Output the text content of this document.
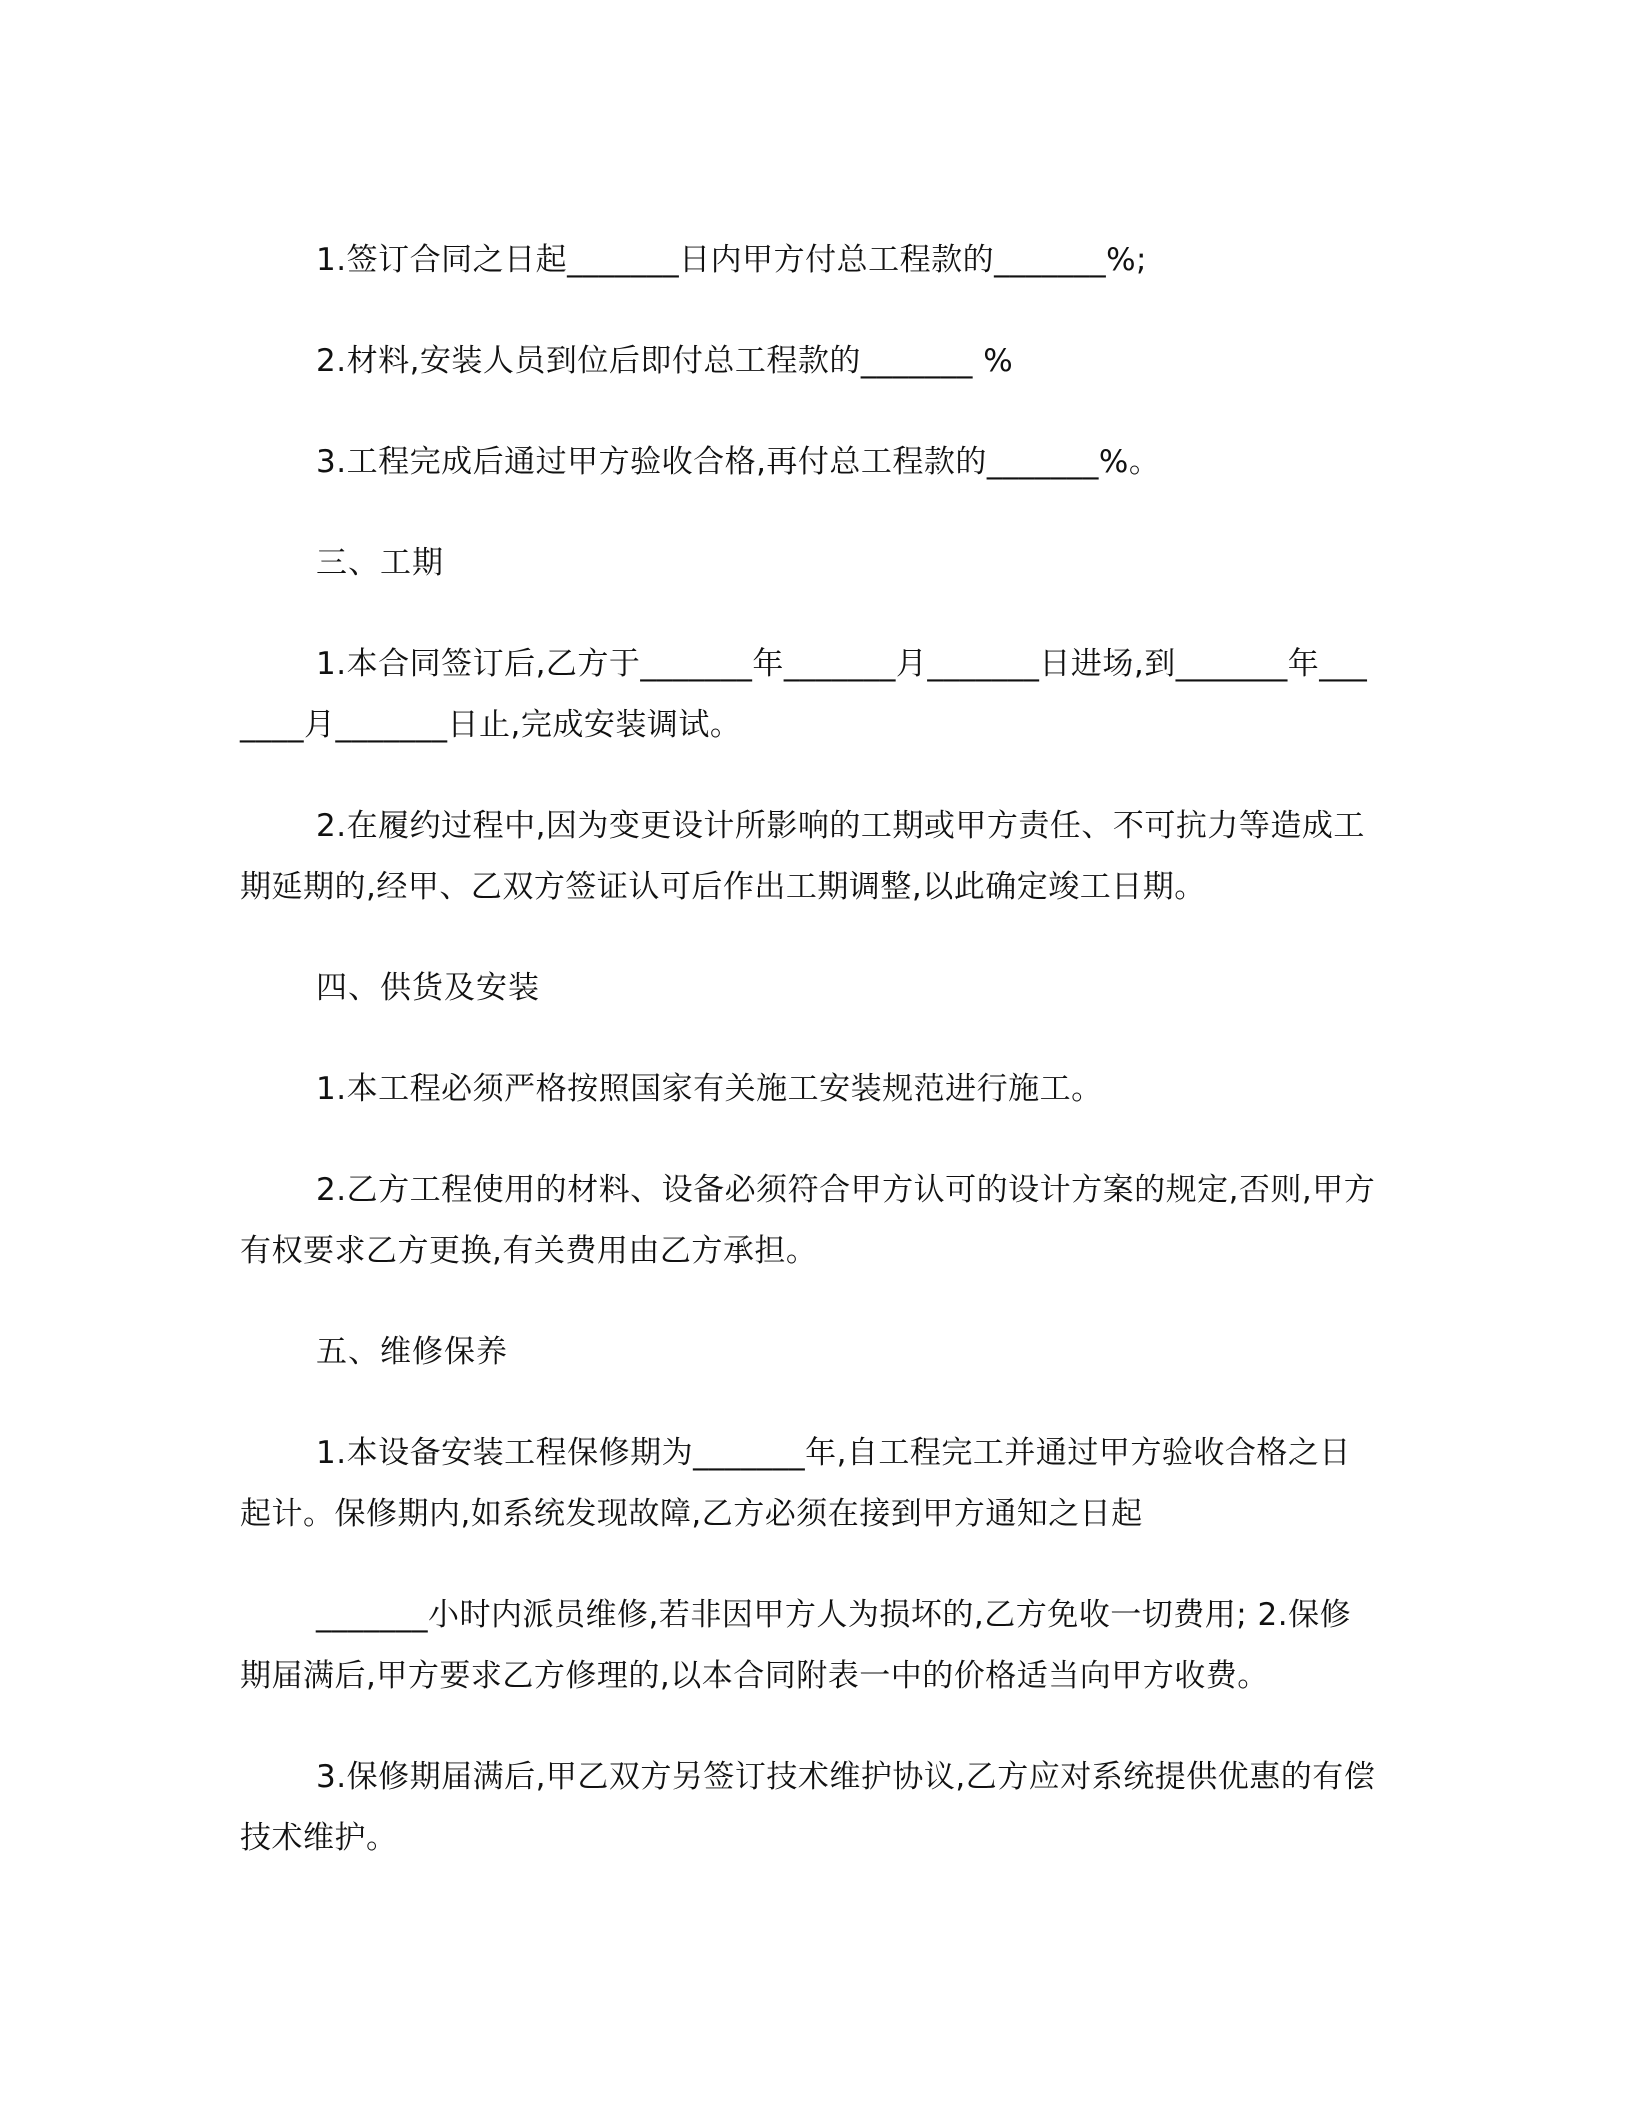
1.签订合同之日起_______日内甲方付总工程款的_______%;

2.材料,安装人员到位后即付总工程款的_______ %

3.工程完成后通过甲方验收合格,再付总工程款的_______%。

三、工期

1.本合同签订后,乙方于_______年_______月_______日进场,到_______年_______月_______日止,完成安装调试。

2.在履约过程中,因为变更设计所影响的工期或甲方责任、不可抗力等造成工期延期的,经甲、乙双方签证认可后作出工期调整,以此确定竣工日期。

四、供货及安装

1.本工程必须严格按照国家有关施工安装规范进行施工。

2.乙方工程使用的材料、设备必须符合甲方认可的设计方案的规定,否则,甲方有权要求乙方更换,有关费用由乙方承担。

五、维修保养

1.本设备安装工程保修期为_______年,自工程完工并通过甲方验收合格之日起计。保修期内,如系统发现故障,乙方必须在接到甲方通知之日起

_______小时内派员维修,若非因甲方人为损坏的,乙方免收一切费用; 2.保修期届满后,甲方要求乙方修理的,以本合同附表一中的价格适当向甲方收费。

3.保修期届满后,甲乙双方另签订技术维护协议,乙方应对系统提供优惠的有偿技术维护。
